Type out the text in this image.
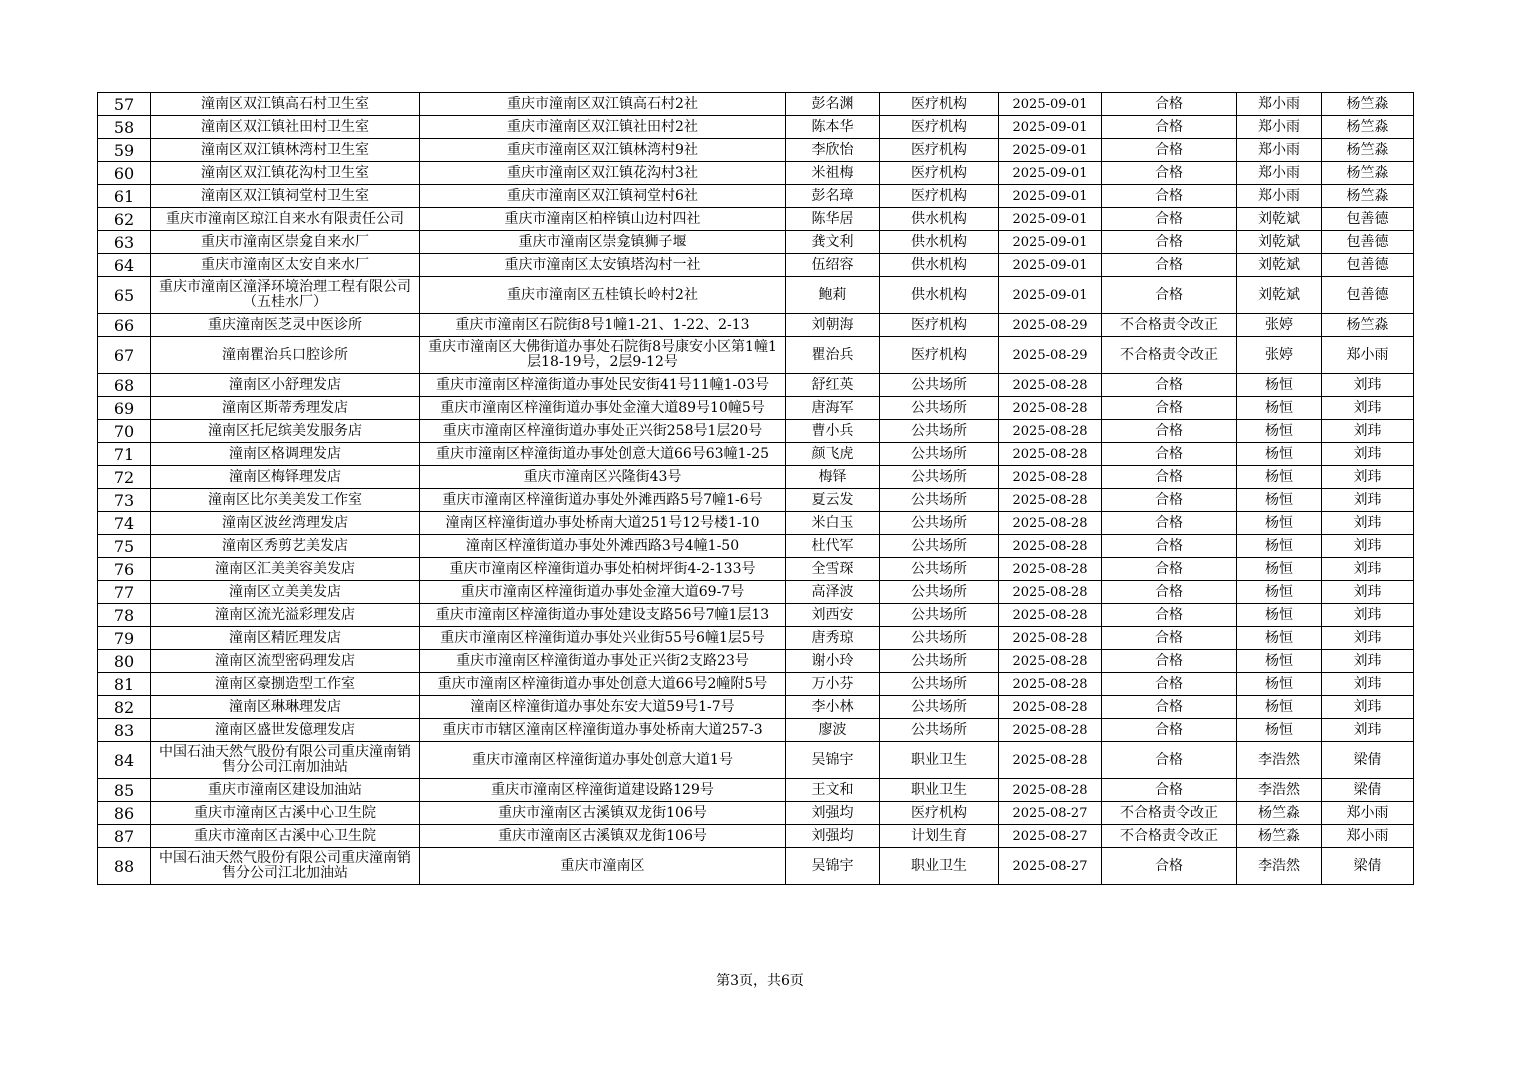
57	潼南区双江镇高石村卫生室	重庆市潼南区双江镇高石村2社	彭名渊	医疗机构	2025-09-01	合格	郑小雨	杨竺淼
58	潼南区双江镇社田村卫生室	重庆市潼南区双江镇社田村2社	陈本华	医疗机构	2025-09-01	合格	郑小雨	杨竺淼
59	潼南区双江镇林湾村卫生室	重庆市潼南区双江镇林湾村9社	李欣怡	医疗机构	2025-09-01	合格	郑小雨	杨竺淼
60	潼南区双江镇花沟村卫生室	重庆市潼南区双江镇花沟村3社	米祖梅	医疗机构	2025-09-01	合格	郑小雨	杨竺淼
61	潼南区双江镇祠堂村卫生室	重庆市潼南区双江镇祠堂村6社	彭名璋	医疗机构	2025-09-01	合格	郑小雨	杨竺淼
62	重庆市潼南区琼江自来水有限责任公司	重庆市潼南区柏梓镇山边村四社	陈华居	供水机构	2025-09-01	合格	刘乾斌	包善德
63	重庆市潼南区崇龛自来水厂	重庆市潼南区崇龛镇狮子堰	龚文利	供水机构	2025-09-01	合格	刘乾斌	包善德
64	重庆市潼南区太安自来水厂	重庆市潼南区太安镇塔沟村一社	伍绍容	供水机构	2025-09-01	合格	刘乾斌	包善德
65	重庆市潼南区潼泽环境治理工程有限公司（五桂水厂）	重庆市潼南区五桂镇长岭村2社	鲍莉	供水机构	2025-09-01	合格	刘乾斌	包善德
66	重庆潼南医芝灵中医诊所	重庆市潼南区石院街8号1幢1-21、1-22、2-13	刘朝海	医疗机构	2025-08-29	不合格责令改正	张婷	杨竺淼
67	潼南瞿治兵口腔诊所	重庆市潼南区大佛街道办事处石院街8号康安小区第1幢1层18-19号，2层9-12号	瞿治兵	医疗机构	2025-08-29	不合格责令改正	张婷	郑小雨
68	潼南区小舒理发店	重庆市潼南区梓潼街道办事处民安街41号11幢1-03号	舒红英	公共场所	2025-08-28	合格	杨恒	刘玮
69	潼南区斯蒂秀理发店	重庆市潼南区梓潼街道办事处金潼大道89号10幢5号	唐海军	公共场所	2025-08-28	合格	杨恒	刘玮
70	潼南区托尼缤美发服务店	重庆市潼南区梓潼街道办事处正兴街258号1层20号	曹小兵	公共场所	2025-08-28	合格	杨恒	刘玮
71	潼南区格调理发店	重庆市潼南区梓潼街道办事处创意大道66号63幢1-25	颜飞虎	公共场所	2025-08-28	合格	杨恒	刘玮
72	潼南区梅铎理发店	重庆市潼南区兴隆街43号	梅铎	公共场所	2025-08-28	合格	杨恒	刘玮
73	潼南区比尔美美发工作室	重庆市潼南区梓潼街道办事处外滩西路5号7幢1-6号	夏云发	公共场所	2025-08-28	合格	杨恒	刘玮
74	潼南区波丝湾理发店	潼南区梓潼街道办事处桥南大道251号12号楼1-10	米白玉	公共场所	2025-08-28	合格	杨恒	刘玮
75	潼南区秀剪艺美发店	潼南区梓潼街道办事处外滩西路3号4幢1-50	杜代军	公共场所	2025-08-28	合格	杨恒	刘玮
76	潼南区汇美美容美发店	重庆市潼南区梓潼街道办事处柏树坪街4-2-133号	全雪琛	公共场所	2025-08-28	合格	杨恒	刘玮
77	潼南区立美美发店	重庆市潼南区梓潼街道办事处金潼大道69-7号	高泽波	公共场所	2025-08-28	合格	杨恒	刘玮
78	潼南区流光溢彩理发店	重庆市潼南区梓潼街道办事处建设支路56号7幢1层13	刘西安	公共场所	2025-08-28	合格	杨恒	刘玮
79	潼南区精匠理发店	重庆市潼南区梓潼街道办事处兴业街55号6幢1层5号	唐秀琼	公共场所	2025-08-28	合格	杨恒	刘玮
80	潼南区流型密码理发店	重庆市潼南区梓潼街道办事处正兴街2支路23号	谢小玲	公共场所	2025-08-28	合格	杨恒	刘玮
81	潼南区豪捌造型工作室	重庆市潼南区梓潼街道办事处创意大道66号2幢附5号	万小芬	公共场所	2025-08-28	合格	杨恒	刘玮
82	潼南区琳琳理发店	潼南区梓潼街道办事处东安大道59号1-7号	李小林	公共场所	2025-08-28	合格	杨恒	刘玮
83	潼南区盛世发億理发店	重庆市市辖区潼南区梓潼街道办事处桥南大道257-3	廖波	公共场所	2025-08-28	合格	杨恒	刘玮
84	中国石油天然气股份有限公司重庆潼南销售分公司江南加油站	重庆市潼南区梓潼街道办事处创意大道1号	吴锦宇	职业卫生	2025-08-28	合格	李浩然	梁倩
85	重庆市潼南区建设加油站	重庆市潼南区梓潼街道建设路129号	王文和	职业卫生	2025-08-28	合格	李浩然	梁倩
86	重庆市潼南区古溪中心卫生院	重庆市潼南区古溪镇双龙街106号	刘强均	医疗机构	2025-08-27	不合格责令改正	杨竺淼	郑小雨
87	重庆市潼南区古溪中心卫生院	重庆市潼南区古溪镇双龙街106号	刘强均	计划生育	2025-08-27	不合格责令改正	杨竺淼	郑小雨
88	中国石油天然气股份有限公司重庆潼南销售分公司江北加油站	重庆市潼南区	吴锦宇	职业卫生	2025-08-27	合格	李浩然	梁倩
第3页，共6页
